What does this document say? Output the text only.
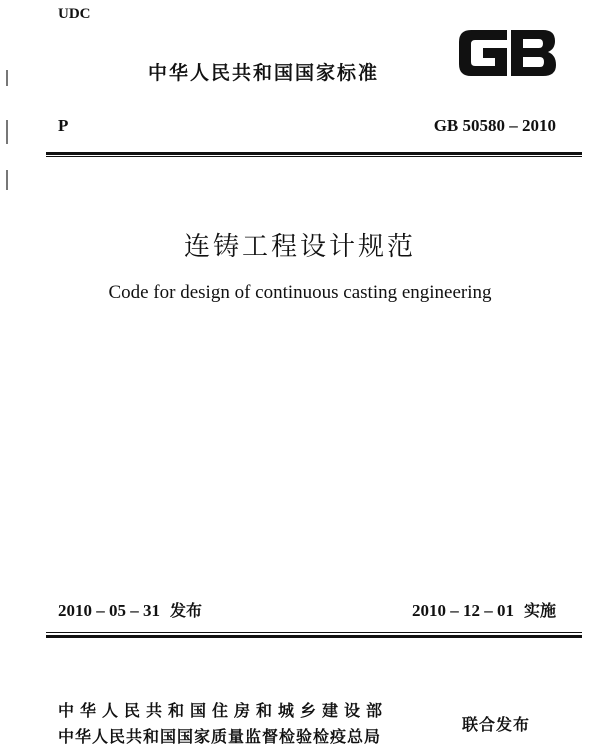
UDC
中华人民共和国国家标准
P	GB 50580 – 2010
连铸工程设计规范
Code for design of continuous casting engineering
2010 – 05 – 31 发布	2010 – 12 – 01 实施
中华人民共和国住房和城乡建设部
中华人民共和国国家质量监督检验检疫总局
联合发布
